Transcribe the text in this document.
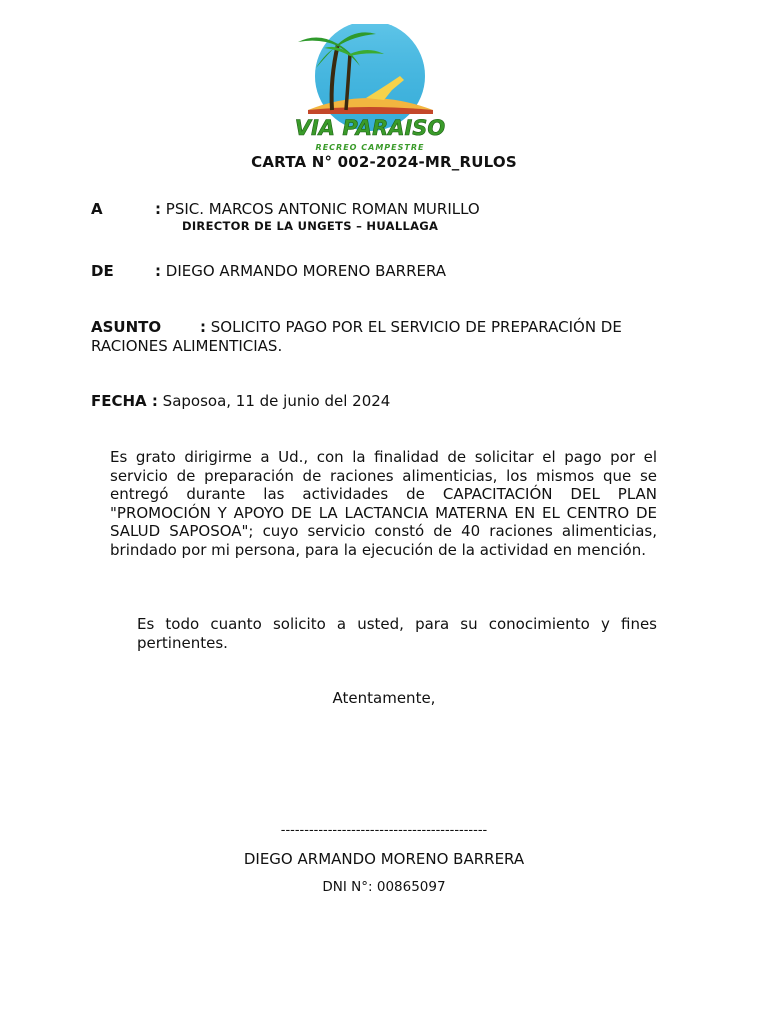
VIA PARAISO
RECREO CAMPESTRE
CARTA N° 002-2024-MR_RULOS
A	: PSIC. MARCOS ANTONIC ROMAN MURILLO
DIRECTOR DE LA UNGETS – HUALLAGA
DE	: DIEGO ARMANDO MORENO BARRERA
ASUNTO	: SOLICITO PAGO POR EL SERVICIO DE PREPARACIÓN DE RACIONES ALIMENTICIAS.
FECHA : Saposoa, 11 de junio del 2024
Es grato dirigirme a Ud., con la finalidad de solicitar el pago por el servicio de preparación de raciones alimenticias, los mismos que se entregó durante las actividades de CAPACITACIÓN DEL PLAN "PROMOCIÓN Y APOYO DE LA LACTANCIA MATERNA EN EL CENTRO DE SALUD SAPOSOA"; cuyo servicio constó de 40 raciones alimenticias, brindado por mi persona, para la ejecución de la actividad en mención.
Es todo cuanto solicito a usted, para su conocimiento y fines pertinentes.
Atentamente,
--------------------------------------------
DIEGO ARMANDO MORENO BARRERA
DNI N°: 00865097
